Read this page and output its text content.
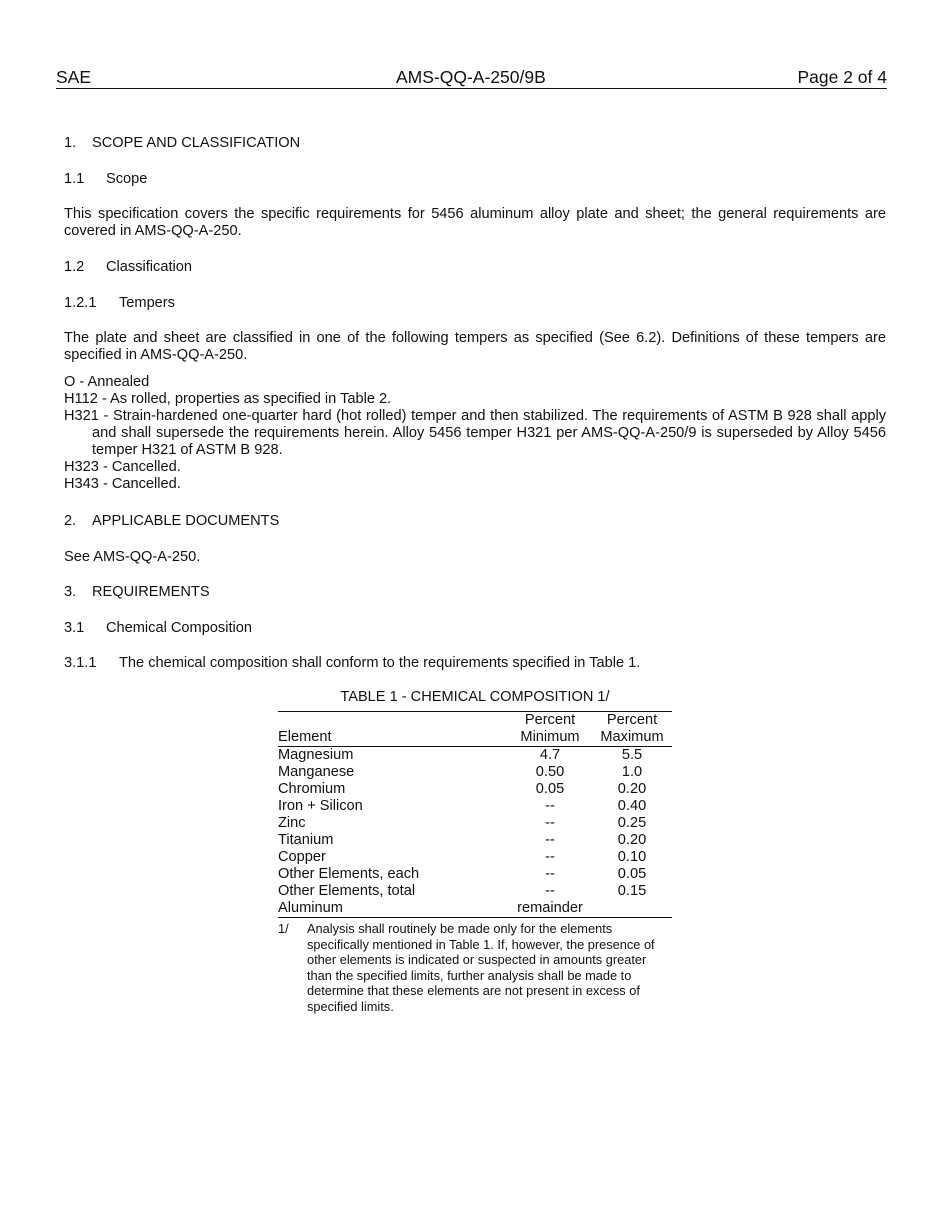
SAE	AMS-QQ-A-250/9B	Page 2 of 4
1. SCOPE AND CLASSIFICATION
1.1 Scope
This specification covers the specific requirements for 5456 aluminum alloy plate and sheet; the general requirements are covered in AMS-QQ-A-250.
1.2 Classification
1.2.1 Tempers
The plate and sheet are classified in one of the following tempers as specified (See 6.2). Definitions of these tempers are specified in AMS-QQ-A-250.
O - Annealed
H112 - As rolled, properties as specified in Table 2.
H321 - Strain-hardened one-quarter hard (hot rolled) temper and then stabilized. The requirements of ASTM B 928 shall apply and shall supersede the requirements herein. Alloy 5456 temper H321 per AMS-QQ-A-250/9 is superseded by Alloy 5456 temper H321 of ASTM B 928.
H323 - Cancelled.
H343 - Cancelled.
2. APPLICABLE DOCUMENTS
See AMS-QQ-A-250.
3. REQUIREMENTS
3.1 Chemical Composition
3.1.1 The chemical composition shall conform to the requirements specified in Table 1.
TABLE 1 - CHEMICAL COMPOSITION 1/
	Percent	Percent
Element	Minimum	Maximum
Magnesium	4.7	5.5
Manganese	0.50	1.0
Chromium	0.05	0.20
Iron + Silicon	--	0.40
Zinc	--	0.25
Titanium	--	0.20
Copper	--	0.10
Other Elements, each	--	0.05
Other Elements, total	--	0.15
Aluminum	remainder	
1/ Analysis shall routinely be made only for the elements specifically mentioned in Table 1. If, however, the presence of other elements is indicated or suspected in amounts greater than the specified limits, further analysis shall be made to determine that these elements are not present in excess of specified limits.
